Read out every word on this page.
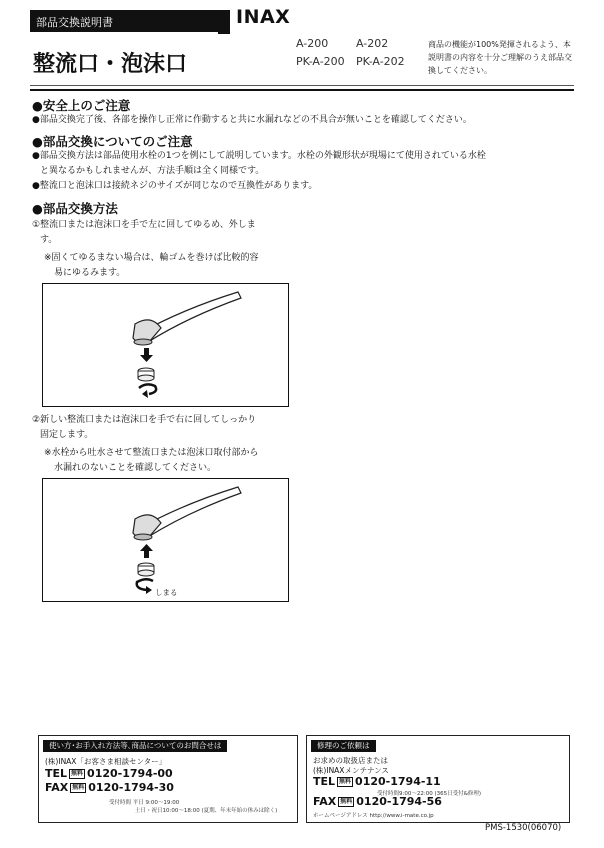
部品交換説明書	INAX
整流口・泡沫口
A-200	A-202
PK-A-200 PK-A-202
商品の機能が100%発揮されるよう、本説明書の内容を十分ご理解のうえ部品交換してください。
●安全上のご注意
●部品交換完了後、各部を操作し正常に作動すると共に水漏れなどの不具合が無いことを確認してください。
●部品交換についてのご注意
●部品交換方法は部品使用水栓の1つを例にして説明しています。水栓の外観形状が現場にて使用されている水栓
と異なるかもしれませんが、方法手順は全く同様です。
●整流口と泡沫口は接続ネジのサイズが同じなので互換性があります。
●部品交換方法
①整流口または泡沫口を手で左に回してゆるめ、外しま
す。
※固くてゆるまない場合は、輪ゴムを巻けば比較的容
易にゆるみます。
②新しい整流口または泡沫口を手で右に回してしっかり
固定します。
※水栓から吐水させて整流口または泡沫口取付部から
水漏れのないことを確認してください。
しまる
使い方･お手入れ方法等､商品についてのお問合せは
(株)INAX「お客さま相談センター」
TEL 無料 0120-1794-00
FAX 無料 0120-1794-30
受付時間 平日 9:00〜19:00
土日・祝日10:00〜18:00 (夏期、年末年始の休みは除く)
修理のご依頼は
お求めの取扱店または
(株)INAXメンテナンス
TEL 無料 0120-1794-11
受付時間9:00〜22:00 (365日受付&修理)
FAX 無料 0120-1794-56
ホームページアドレス http://www.i-mate.co.jp
PMS-1530(06070)
